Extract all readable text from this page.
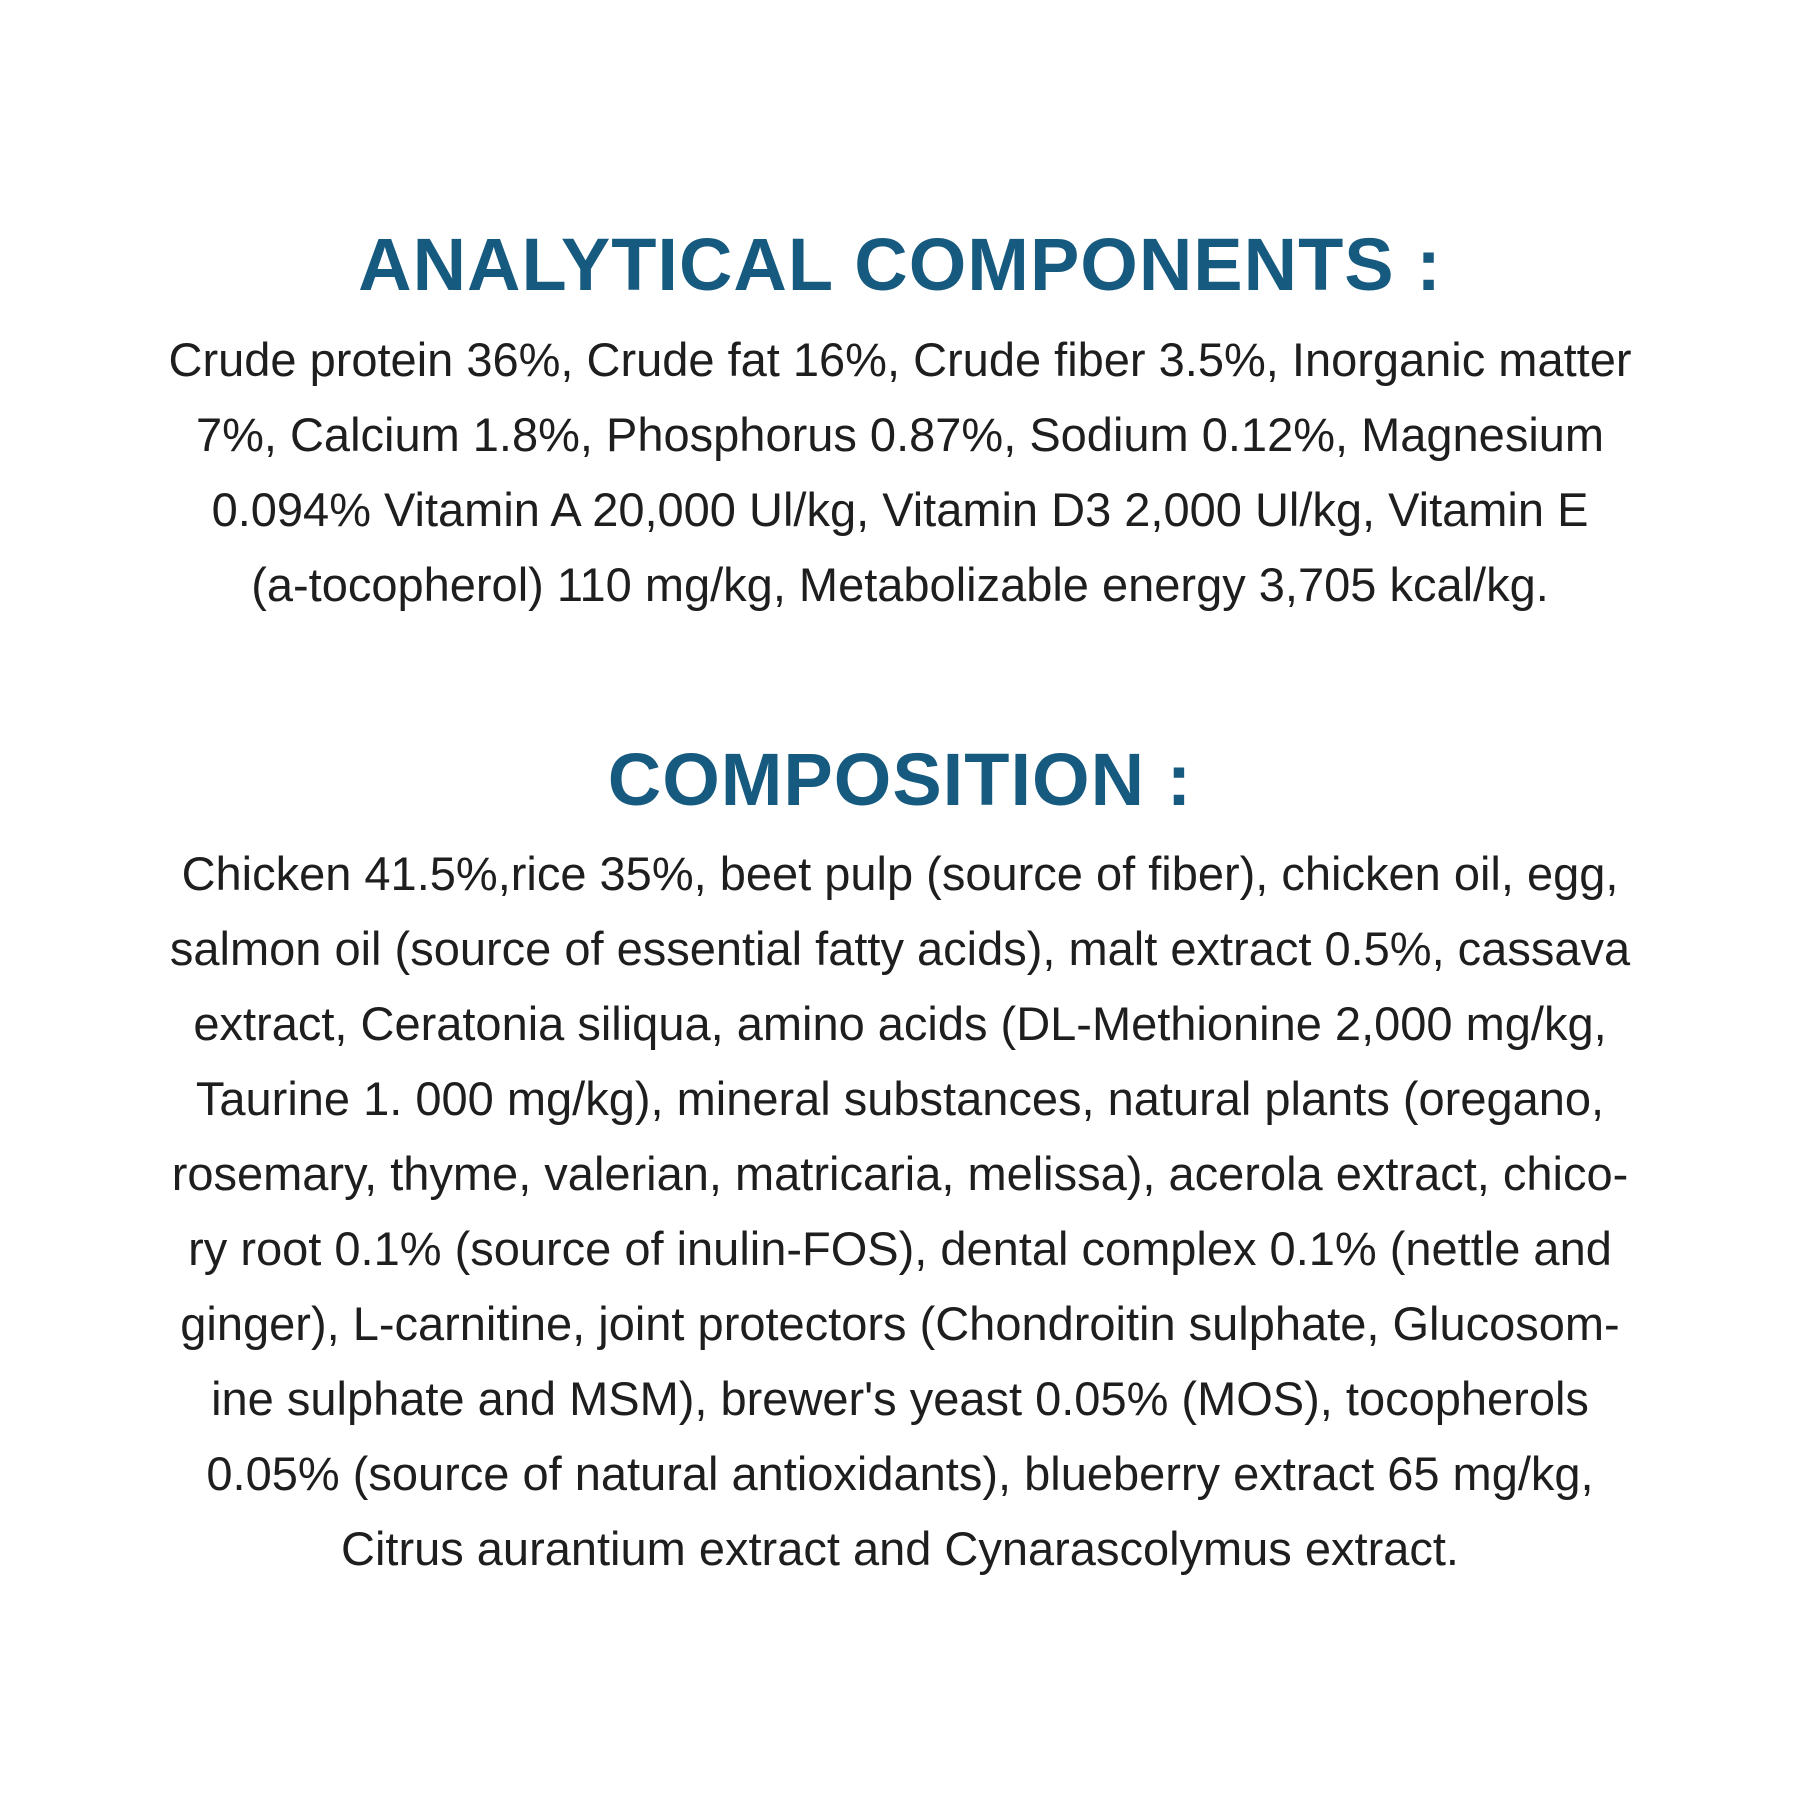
ANALYTICAL COMPONENTS :

Crude protein 36%, Crude fat 16%, Crude fiber 3.5%, Inorganic matter
7%, Calcium 1.8%, Phosphorus 0.87%, Sodium 0.12%, Magnesium
0.094% Vitamin A 20,000 Ul/kg, Vitamin D3 2,000 Ul/kg, Vitamin E
(a-tocopherol) 110 mg/kg, Metabolizable energy 3,705 kcal/kg.

COMPOSITION :

Chicken 41.5%,rice 35%, beet pulp (source of fiber), chicken oil, egg,
salmon oil (source of essential fatty acids), malt extract 0.5%, cassava
extract, Ceratonia siliqua, amino acids (DL-Methionine 2,000 mg/kg,
Taurine 1. 000 mg/kg), mineral substances, natural plants (oregano,
rosemary, thyme, valerian, matricaria, melissa), acerola extract, chico-
ry root 0.1% (source of inulin-FOS), dental complex 0.1% (nettle and
ginger), L-carnitine, joint protectors (Chondroitin sulphate, Glucosom-
ine sulphate and MSM), brewer's yeast 0.05% (MOS), tocopherols
0.05% (source of natural antioxidants), blueberry extract 65 mg/kg,
Citrus aurantium extract and Cynarascolymus extract.
